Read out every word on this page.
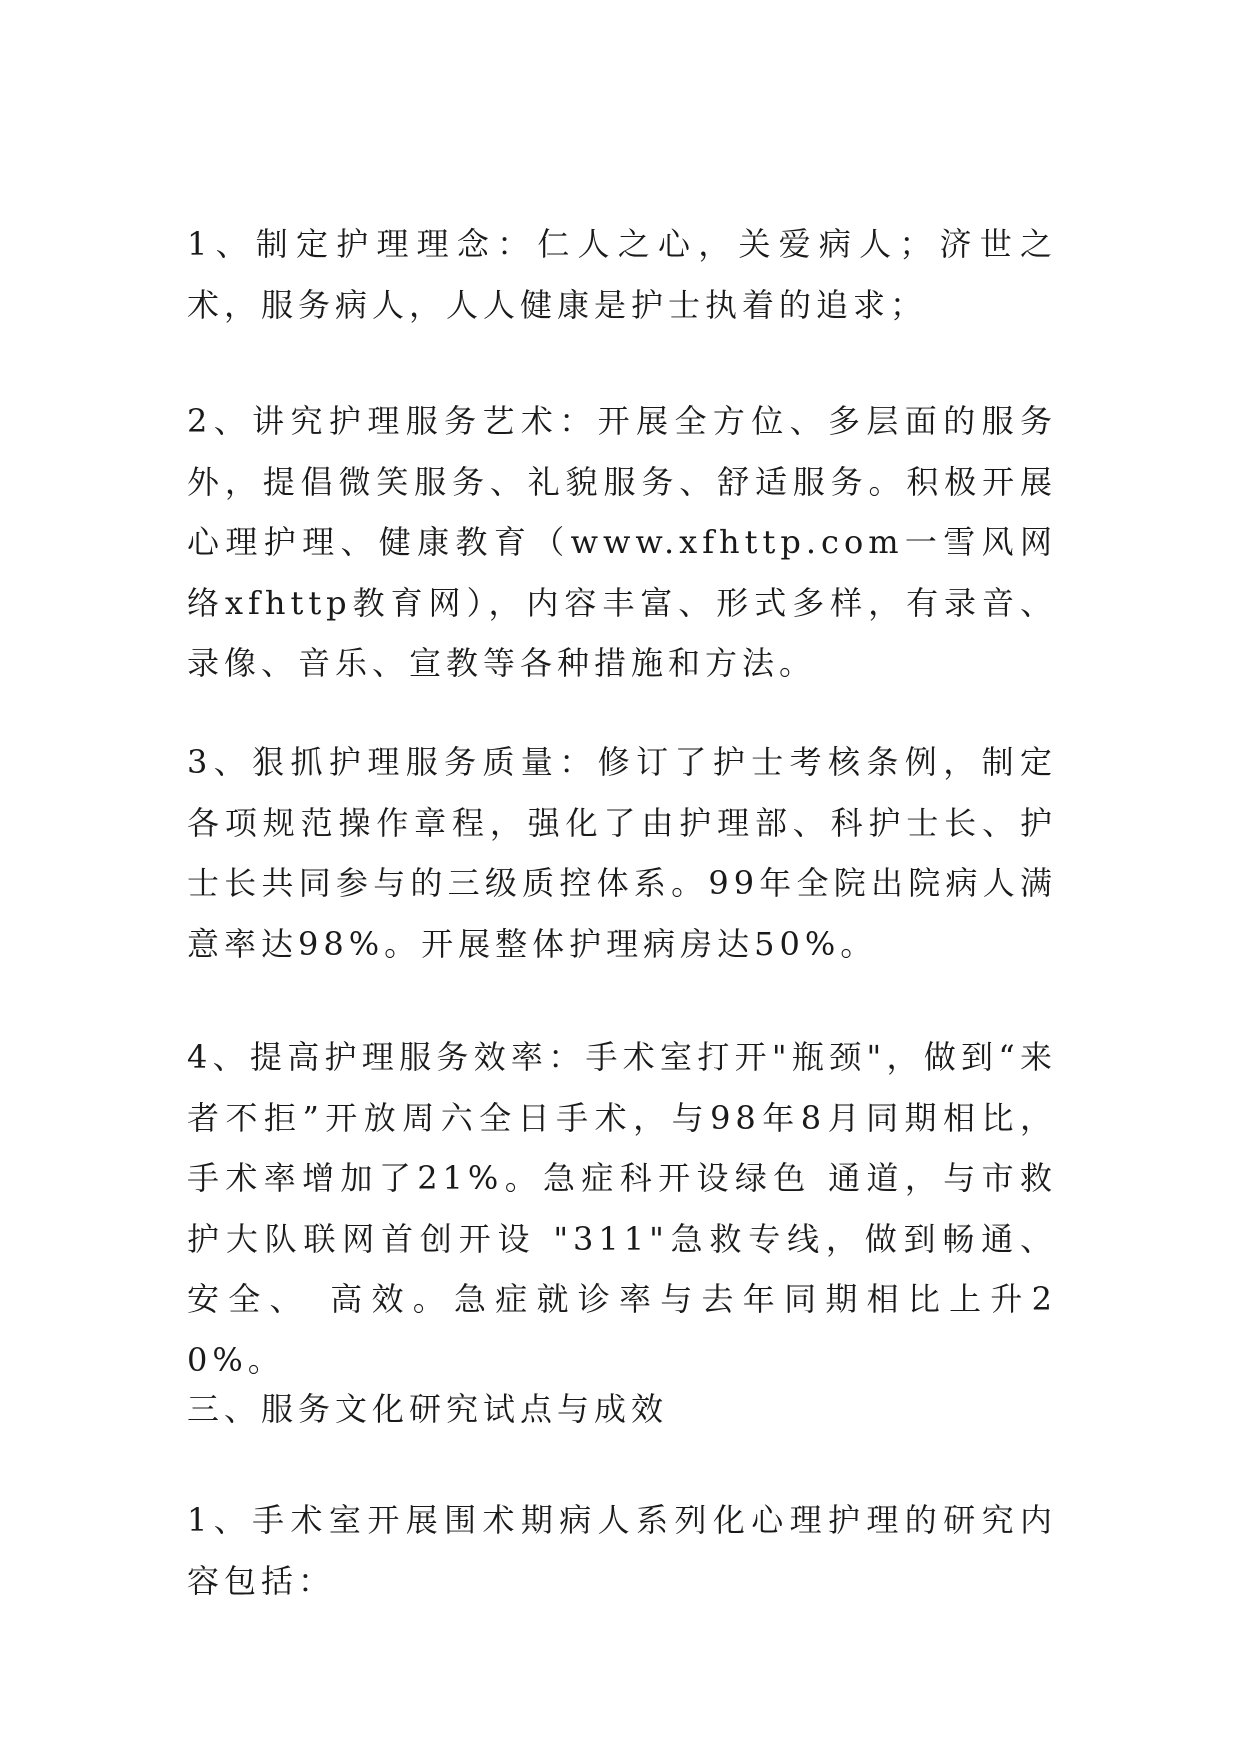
1、制定护理理念：仁人之心，关爱病人；济世之术，服务病人，人人健康是护士执着的追求；

2、讲究护理服务艺术：开展全方位、多层面的服务外，提倡微笑服务、礼貌服务、舒适服务。积极开展心理护理、健康教育（www.xfhttp.com一雪风网络xfhttp教育网），内容丰富、形式多样，有录音、录像、音乐、宣教等各种措施和方法。

3、狠抓护理服务质量：修订了护士考核条例，制定各项规范操作章程，强化了由护理部、科护士长、护士长共同参与的三级质控体系。99年全院出院病人满意率达98%。开展整体护理病房达50%。

4、提高护理服务效率：手术室打开"瓶颈"，做到“来者不拒”开放周六全日手术，与98年8月同期相比，手术率增加了21%。急症科开设绿色 通道，与市救护大队联网首创开设 "311"急救专线，做到畅通、安全、 高效。急症就诊率与去年同期相比上升20%。

三、服务文化研究试点与成效

1、手术室开展围术期病人系列化心理护理的研究内容包括：
